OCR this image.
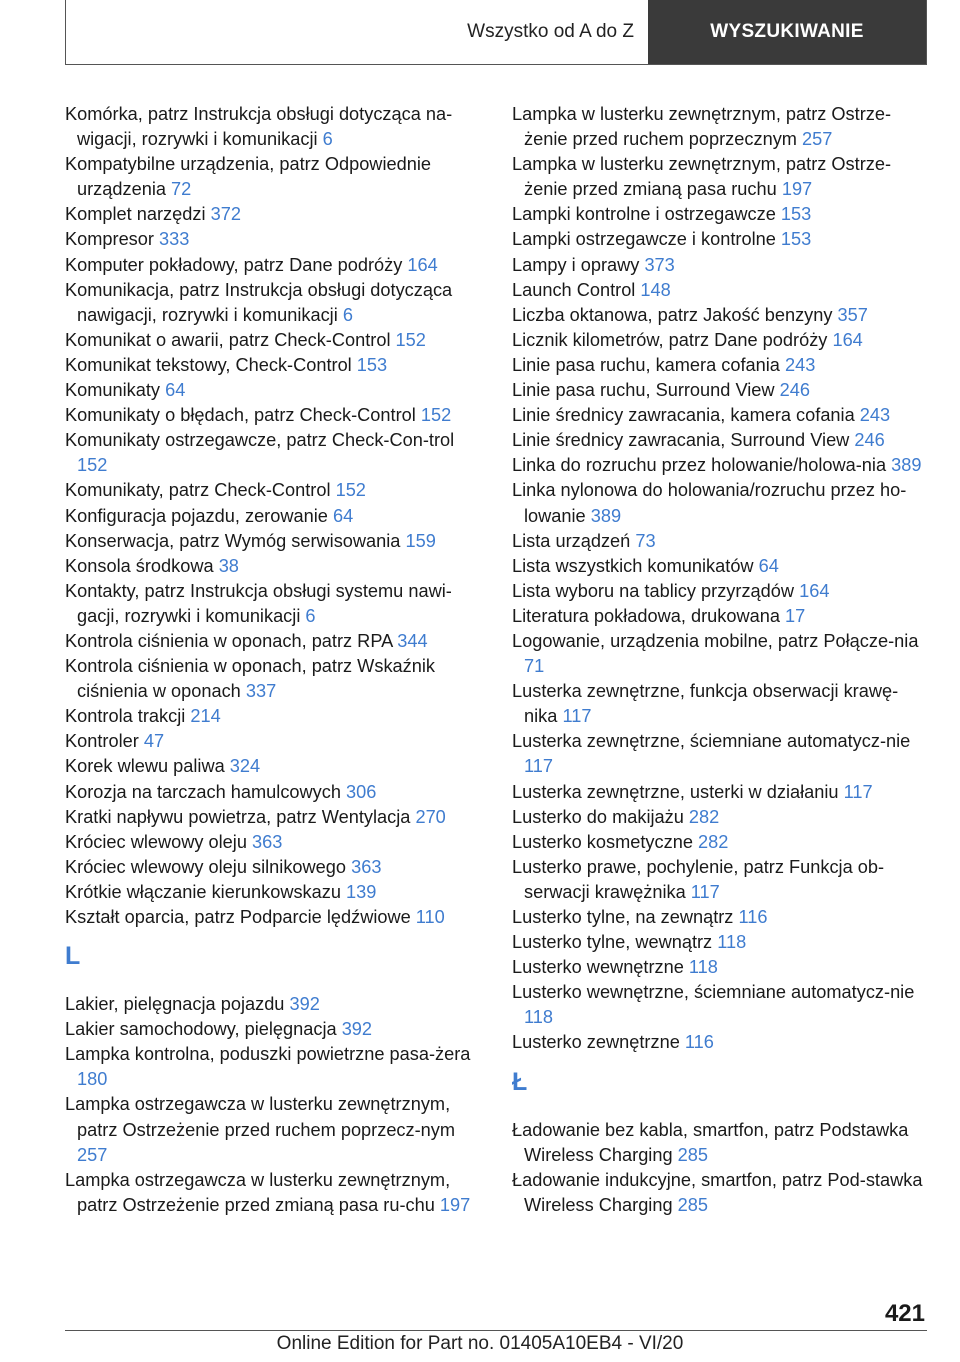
Wszystko od A do Z	WYSZUKIWANIE
Komórka, patrz Instrukcja obsługi dotycząca na-wigacji, rozrywki i komunikacji 6
Kompatybilne urządzenia, patrz Odpowiednie urządzenia 72
Komplet narzędzi 372
Kompresor 333
Komputer pokładowy, patrz Dane podróży 164
Komunikacja, patrz Instrukcja obsługi dotycząca nawigacji, rozrywki i komunikacji 6
Komunikat o awarii, patrz Check-Control 152
Komunikat tekstowy, Check-Control 153
Komunikaty 64
Komunikaty o błędach, patrz Check-Control 152
Komunikaty ostrzegawcze, patrz Check-Con-trol 152
Komunikaty, patrz Check-Control 152
Konfiguracja pojazdu, zerowanie 64
Konserwacja, patrz Wymóg serwisowania 159
Konsola środkowa 38
Kontakty, patrz Instrukcja obsługi systemu nawi-gacji, rozrywki i komunikacji 6
Kontrola ciśnienia w oponach, patrz RPA 344
Kontrola ciśnienia w oponach, patrz Wskaźnik ciśnienia w oponach 337
Kontrola trakcji 214
Kontroler 47
Korek wlewu paliwa 324
Korozja na tarczach hamulcowych 306
Kratki napływu powietrza, patrz Wentylacja 270
Króciec wlewowy oleju 363
Króciec wlewowy oleju silnikowego 363
Krótkie włączanie kierunkowskazu 139
Kształt oparcia, patrz Podparcie lędźwiowe 110
L
Lakier, pielęgnacja pojazdu 392
Lakier samochodowy, pielęgnacja 392
Lampka kontrolna, poduszki powietrzne pasa-żera 180
Lampka ostrzegawcza w lusterku zewnętrznym, patrz Ostrzeżenie przed ruchem poprzecz-nym 257
Lampka ostrzegawcza w lusterku zewnętrznym, patrz Ostrzeżenie przed zmianą pasa ru-chu 197
Lampka w lusterku zewnętrznym, patrz Ostrze-żenie przed ruchem poprzecznym 257
Lampka w lusterku zewnętrznym, patrz Ostrze-żenie przed zmianą pasa ruchu 197
Lampki kontrolne i ostrzegawcze 153
Lampki ostrzegawcze i kontrolne 153
Lampy i oprawy 373
Launch Control 148
Liczba oktanowa, patrz Jakość benzyny 357
Licznik kilometrów, patrz Dane podróży 164
Linie pasa ruchu, kamera cofania 243
Linie pasa ruchu, Surround View 246
Linie średnicy zawracania, kamera cofania 243
Linie średnicy zawracania, Surround View 246
Linka do rozruchu przez holowanie/holowa-nia 389
Linka nylonowa do holowania/rozruchu przez ho-lowanie 389
Lista urządzeń 73
Lista wszystkich komunikatów 64
Lista wyboru na tablicy przyrządów 164
Literatura pokładowa, drukowana 17
Logowanie, urządzenia mobilne, patrz Połącze-nia 71
Lusterka zewnętrzne, funkcja obserwacji krawę-nika 117
Lusterka zewnętrzne, ściemniane automatycz-nie 117
Lusterka zewnętrzne, usterki w działaniu 117
Lusterko do makijażu 282
Lusterko kosmetyczne 282
Lusterko prawe, pochylenie, patrz Funkcja ob-serwacji krawężnika 117
Lusterko tylne, na zewnątrz 116
Lusterko tylne, wewnątrz 118
Lusterko wewnętrzne 118
Lusterko wewnętrzne, ściemniane automatycz-nie 118
Lusterko zewnętrzne 116
Ł
Ładowanie bez kabla, smartfon, patrz Podstawka Wireless Charging 285
Ładowanie indukcyjne, smartfon, patrz Pod-stawka Wireless Charging 285
421
Online Edition for Part no. 01405A10EB4 - VI/20
